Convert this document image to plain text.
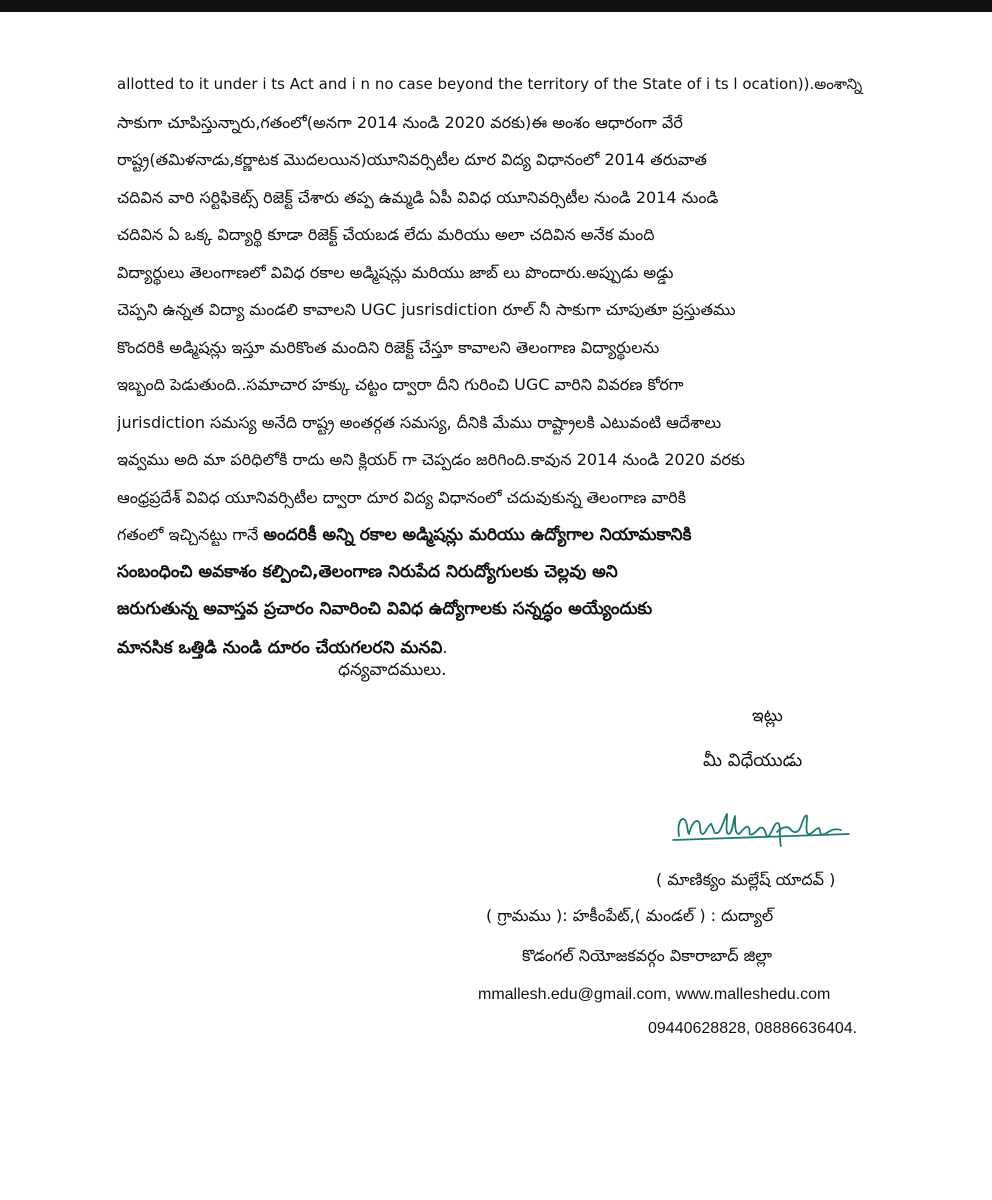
allotted to it under i ts Act and i n no case beyond the territory of the State of i ts l ocation)).అంశాన్ని
సాకుగా చూపిస్తున్నారు,గతంలో(అనగా 2014 నుండి 2020 వరకు)ఈ అంశం ఆధారంగా వేరే
రాష్ట్ర(తమిళనాడు,కర్ణాటక మొదలయిన)యూనివర్సిటీల దూర విద్య విధానంలో 2014 తరువాత
చదివిన వారి సర్టిఫికెట్స్ రిజెక్ట్ చేశారు తప్ప ఉమ్మడి ఏపీ వివిధ యూనివర్సిటీల నుండి 2014 నుండి
చదివిన ఏ ఒక్క విద్యార్థి కూడా రిజెక్ట్ చేయబడ లేదు మరియు అలా చదివిన అనేక మంది
విద్యార్థులు తెలంగాణలో వివిధ రకాల అడ్మిషన్లు మరియు జాబ్ లు పొందారు.అప్పుడు అడ్డు
చెప్పని ఉన్నత విద్యా మండలి కావాలని UGC jusrisdiction రూల్ నీ సాకుగా చూపుతూ ప్రస్తుతము
కొందరికి అడ్మిషన్లు ఇస్తూ మరికొంత మందిని రిజెక్ట్ చేస్తూ కావాలని తెలంగాణ విద్యార్థులను
ఇబ్బంది పెడుతుంది..సమాచార హక్కు చట్టం ద్వారా దీని గురించి UGC వారిని వివరణ కోరగా
jurisdiction సమస్య అనేది రాష్ట్ర అంతర్గత సమస్య, దీనికి మేము రాష్ట్రాలకి ఎటువంటి ఆదేశాలు
ఇవ్వము అది మా పరిధిలోకి రాదు అని క్లియర్ గా చెప్పడం జరిగింది.కావున 2014 నుండి 2020 వరకు
ఆంధ్రప్రదేశ్ వివిధ యూనివర్సిటీల ద్వారా దూర విద్య విధానంలో చదువుకున్న తెలంగాణ వారికి
గతంలో ఇచ్చినట్టు గానే అందరికీ అన్ని రకాల అడ్మిషన్లు మరియు ఉద్యోగాల నియామకానికి
సంబంధించి అవకాశం కల్పించి,తెలంగాణ నిరుపేద నిరుద్యోగులకు చెల్లవు అని
జరుగుతున్న అవాస్తవ ప్రచారం నివారించి వివిధ ఉద్యోగాలకు సన్నద్ధం అయ్యేందుకు
మానసిక ఒత్తిడి నుండి దూరం చేయగలరని మనవి.
ధన్యవాదములు.
ఇట్లు
మీ విధేయుడు
( మాణిక్యం మల్లేష్ యాదవ్ )
( గ్రామము ): హకీంపేట్,( మండల్ ) : దుద్యాల్
కొడంగల్ నియోజకవర్గం వికారాబాద్ జిల్లా
mmallesh.edu@gmail.com, www.malleshedu.com
09440628828, 08886636404.
